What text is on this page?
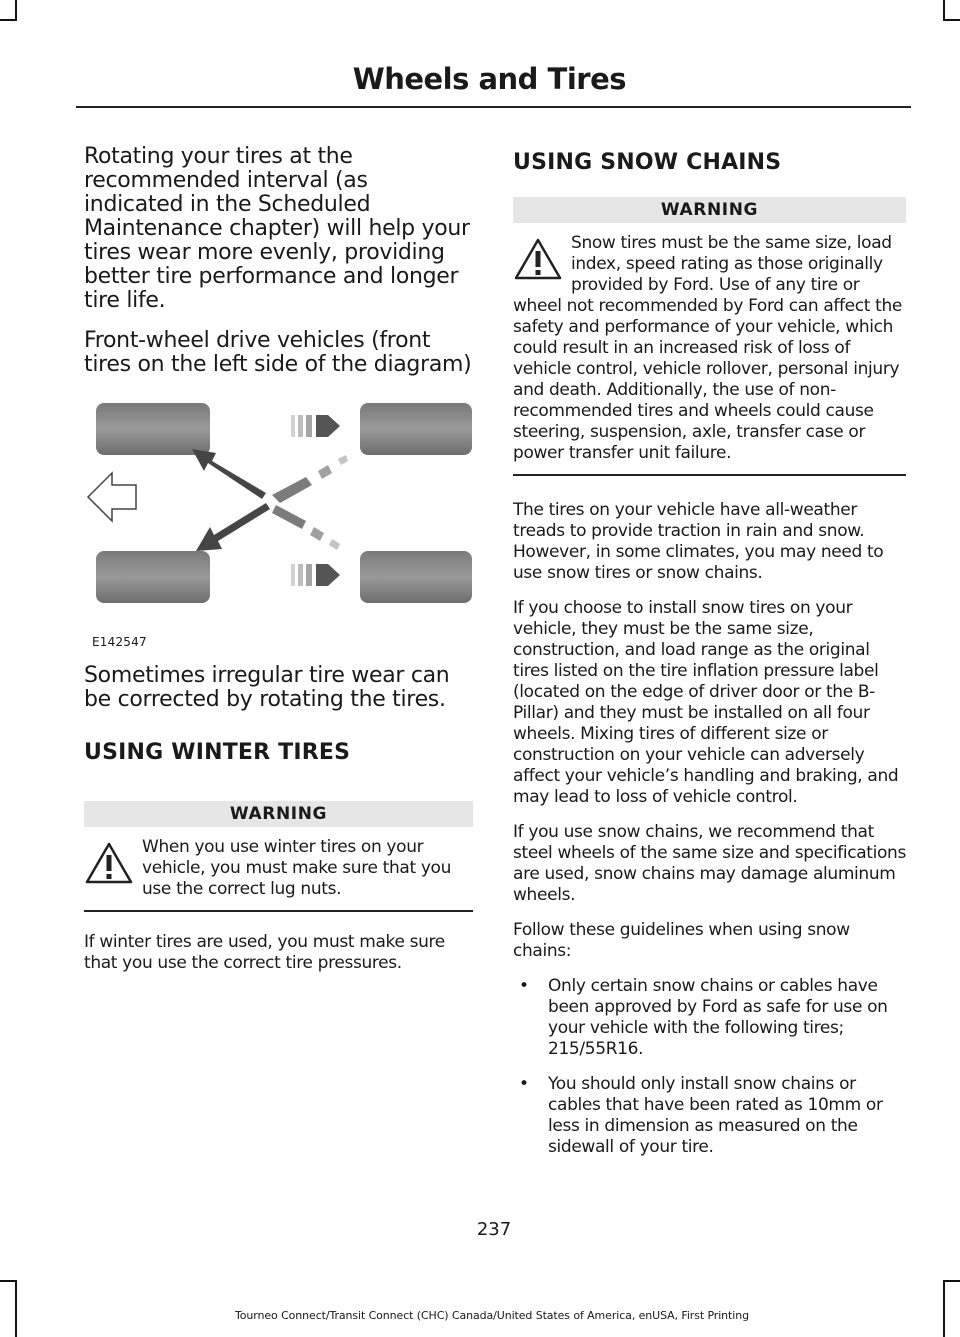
Wheels and Tires

Rotating your tires at the recommended interval (as indicated in the Scheduled Maintenance chapter) will help your tires wear more evenly, providing better tire performance and longer tire life.

Front-wheel drive vehicles (front tires on the left side of the diagram)

E142547

Sometimes irregular tire wear can be corrected by rotating the tires.

USING WINTER TIRES
WARNING
When you use winter tires on your vehicle, you must make sure that you use the correct lug nuts.

If winter tires are used, you must make sure that you use the correct tire pressures.

USING SNOW CHAINS
WARNING
Snow tires must be the same size, load index, speed rating as those originally provided by Ford. Use of any tire or wheel not recommended by Ford can affect the safety and performance of your vehicle, which could result in an increased risk of loss of vehicle control, vehicle rollover, personal injury and death. Additionally, the use of non-recommended tires and wheels could cause steering, suspension, axle, transfer case or power transfer unit failure.

The tires on your vehicle have all-weather treads to provide traction in rain and snow. However, in some climates, you may need to use snow tires or snow chains.

If you choose to install snow tires on your vehicle, they must be the same size, construction, and load range as the original tires listed on the tire inflation pressure label (located on the edge of driver door or the B-Pillar) and they must be installed on all four wheels. Mixing tires of different size or construction on your vehicle can adversely affect your vehicle’s handling and braking, and may lead to loss of vehicle control.

If you use snow chains, we recommend that steel wheels of the same size and specifications are used, snow chains may damage aluminum wheels.

Follow these guidelines when using snow chains:

• Only certain snow chains or cables have been approved by Ford as safe for use on your vehicle with the following tires; 215/55R16.
• You should only install snow chains or cables that have been rated as 10mm or less in dimension as measured on the sidewall of your tire.
237
Tourneo Connect/Transit Connect (CHC) Canada/United States of America, enUSA, First Printing
